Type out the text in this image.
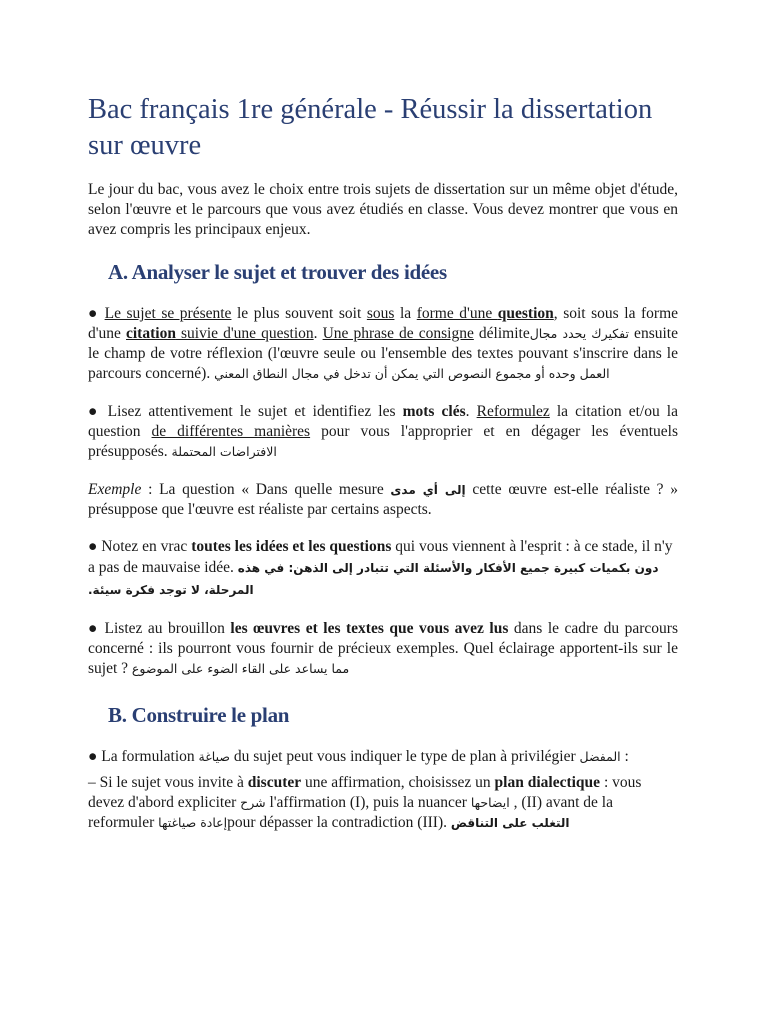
Bac français 1re générale - Réussir la dissertation sur œuvre

Le jour du bac, vous avez le choix entre trois sujets de dissertation sur un même objet d'étude, selon l'œuvre et le parcours que vous avez étudiés en classe. Vous devez montrer que vous en avez compris les principaux enjeux.

A. Analyser le sujet et trouver des idées

● Le sujet se présente le plus souvent soit sous la forme d'une question, soit sous la forme d'une citation suivie d'une question. Une phrase de consigne délimiteيحدد مجال تفكيرك ensuite le champ de votre réflexion (l'œuvre seule ou l'ensemble des textes pouvant s'inscrire dans le parcours concerné). العمل وحده أو مجموع النصوص التي يمكن أن تدخل في مجال النطاق المعني

● Lisez attentivement le sujet et identifiez les mots clés. Reformulez la citation et/ou la question de différentes manières pour vous l'approprier et en dégager les éventuels présupposés. الافتراضات المحتملة

Exemple : La question « Dans quelle mesure إلى أي مدى cette œuvre est-elle réaliste ? » présuppose que l'œuvre est réaliste par certains aspects.

● Notez en vrac toutes les idées et les questions qui vous viennent à l'esprit : à ce stade, il n'y a pas de mauvaise idée. دون بكميات كبيرة جميع الأفكار والأسئلة التي تتبادر إلى الذهن: في هذه المرحلة، لا توجد فكرة سيئة.

● Listez au brouillon les œuvres et les textes que vous avez lus dans le cadre du parcours concerné : ils pourront vous fournir de précieux exemples. Quel éclairage apportent-ils sur le sujet ? مما يساعد على القاء الضوء على الموضوع

B. Construire le plan

● La formulation صياغة du sujet peut vous indiquer le type de plan à privilégier المفضل :

– Si le sujet vous invite à discuter une affirmation, choisissez un plan dialectique : vous devez d'abord expliciter شرح l'affirmation (I), puis la nuancer ايضاحها , (II) avant de la reformuler إعادة صياغتهاpour dépasser la contradiction (III). التغلب على التناقض
